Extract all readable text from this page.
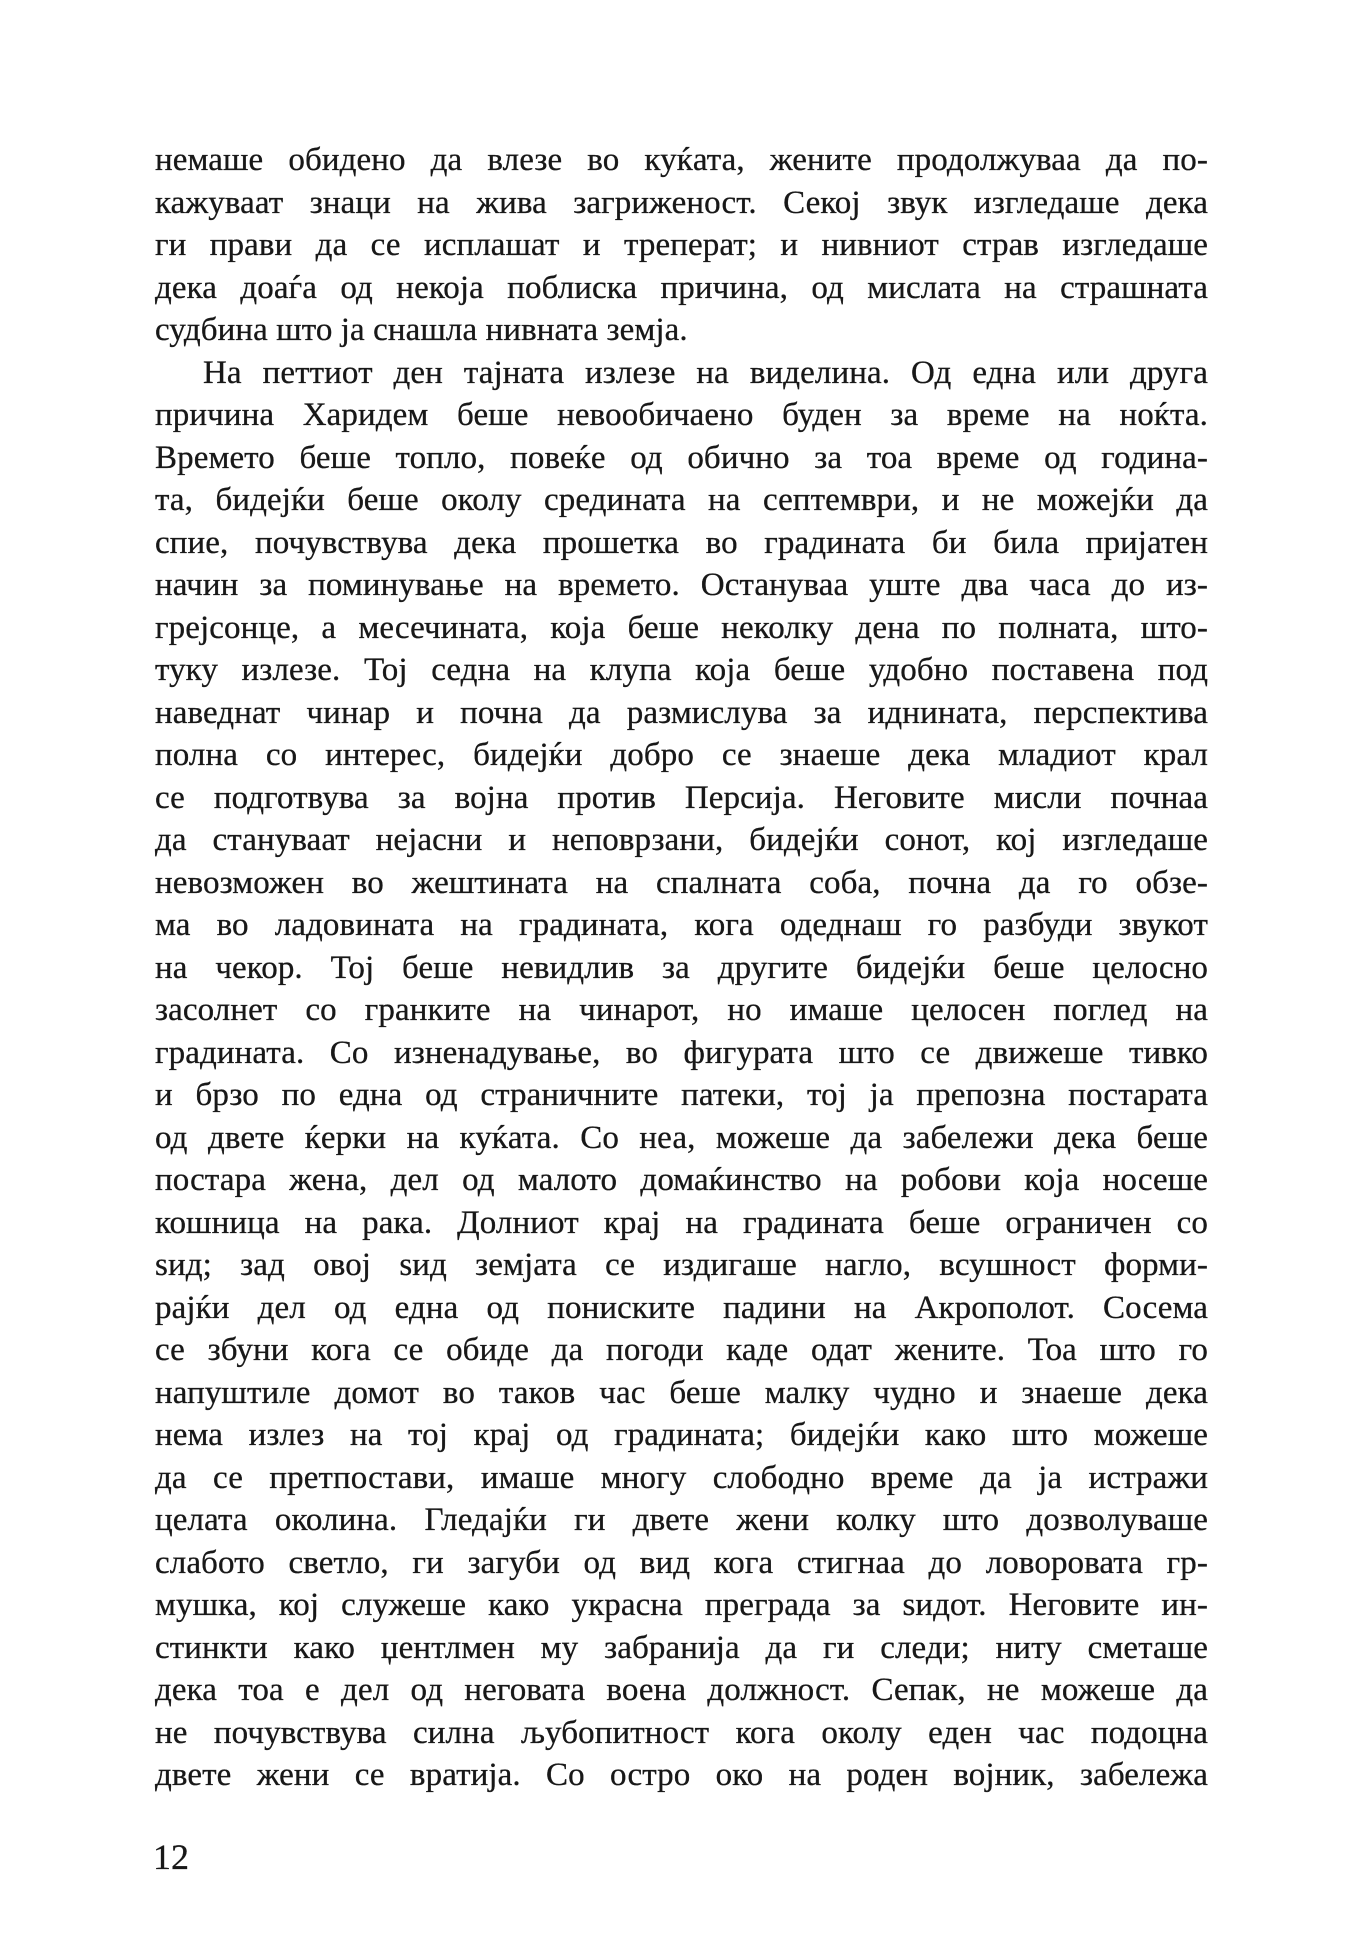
немаше обидено да влезе во куќата, жените продолжуваа да по-
кажуваат знаци на жива загриженост. Секој звук изгледаше дека
ги прави да се исплашат и треперат; и нивниот страв изгледаше
дека доаѓа од некоја поблиска причина, од мислата на страшната
судбина што ја снашла нивната земја.
На петтиот ден тајната излезе на виделина. Од една или друга
причина Харидем беше невообичаено буден за време на ноќта.
Времето беше топло, повеќе од обично за тоа време од година-
та, бидејќи беше околу средината на септември, и не можејќи да
спие, почувствува дека прошетка во градината би била пријатен
начин за поминување на времето. Остануваа уште два часа до из-
грејсонце, а месечината, која беше неколку дена по полната, што-
туку излезе. Тој седна на клупа која беше удобно поставена под
наведнат чинар и почна да размислува за иднината, перспектива
полна со интерес, бидејќи добро се знаеше дека младиот крал
се подготвува за војна против Персија. Неговите мисли почнаа
да стануваат нејасни и неповрзани, бидејќи сонот, кој изгледаше
невозможен во жештината на спалната соба, почна да го обзе-
ма во ладовината на градината, кога одеднаш го разбуди звукот
на чекор. Тој беше невидлив за другите бидејќи беше целосно
засолнет со гранките на чинарот, но имаше целосен поглед на
градината. Со изненадување, во фигурата што се движеше тивко
и брзо по една од страничните патеки, тој ја препозна постарата
од двете ќерки на куќата. Со неа, можеше да забележи дека беше
постара жена, дел од малото домаќинство на робови која носеше
кошница на рака. Долниот крај на градината беше ограничен со
ѕид; зад овој ѕид земјата се издигаше нагло, всушност форми-
рајќи дел од една од пониските падини на Акрополот. Сосема
се збуни кога се обиде да погоди каде одат жените. Тоа што го
напуштиле домот во таков час беше малку чудно и знаеше дека
нема излез на тој крај од градината; бидејќи како што можеше
да се претпостави, имаше многу слободно време да ја истражи
целата околина. Гледајќи ги двете жени колку што дозволуваше
слабото светло, ги загуби од вид кога стигнаа до ловоровата гр-
мушка, кој служеше како украсна преграда за ѕидот. Неговите ин-
стинкти како џентлмен му забранија да ги следи; ниту сметаше
дека тоа е дел од неговата воена должност. Сепак, не можеше да
не почувствува силна љубопитност кога околу еден час подоцна
двете жени се вратија. Со остро око на роден војник, забележа
12
